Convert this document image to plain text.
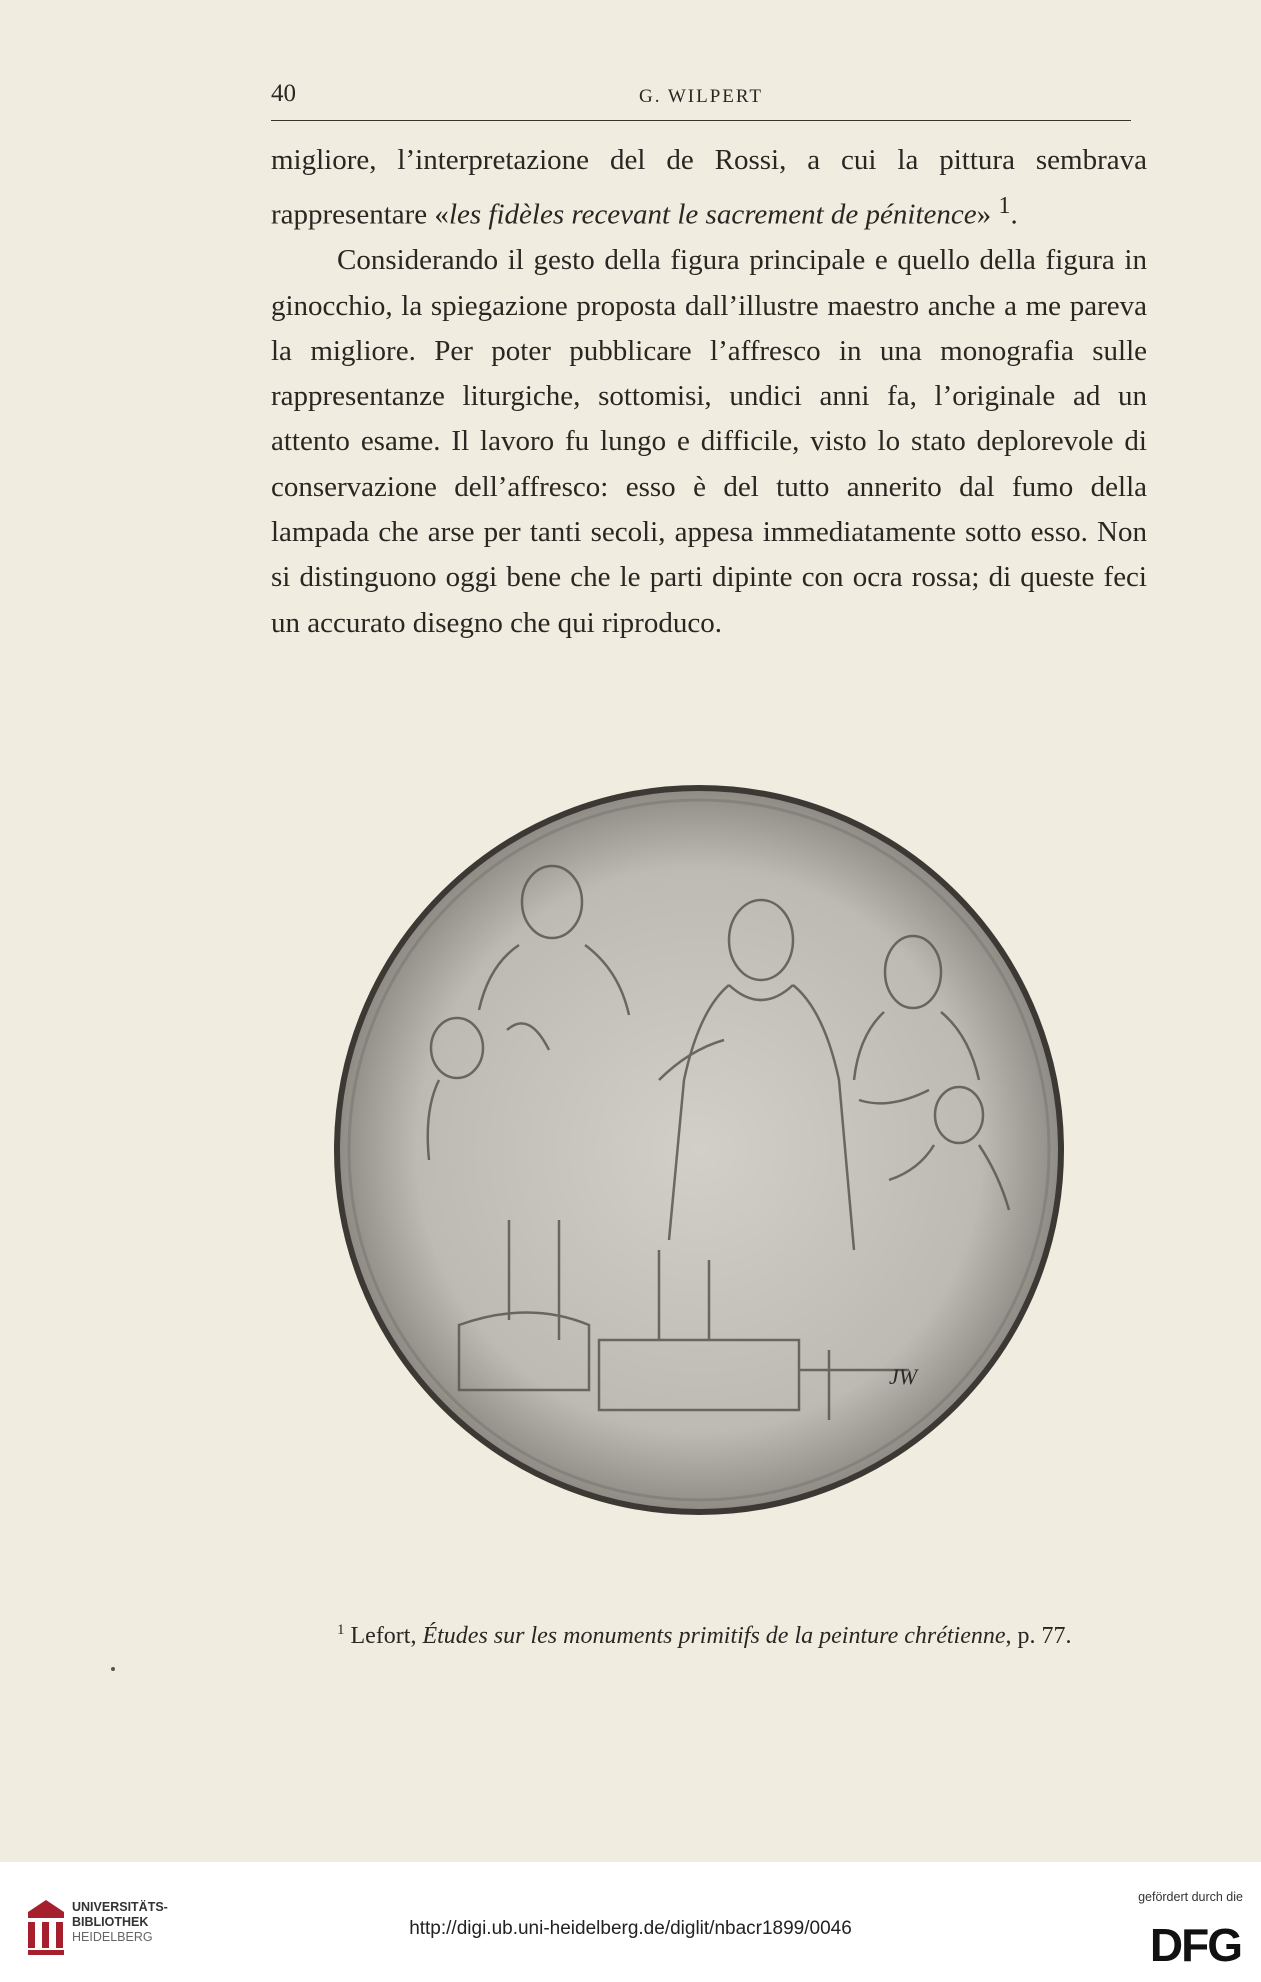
40	G. WILPERT

migliore, l’interpretazione del de Rossi, a cui la pittura sembrava rappresentare «les fidèles recevant le sacrement de pénitence» $^1$.

Considerando il gesto della figura principale e quello della figura in ginocchio, la spiegazione proposta dall’illustre maestro anche a me pareva la migliore. Per poter pubblicare l’affresco in una monografia sulle rappresentanze liturgiche, sottomisi, undici anni fa, l’originale ad un attento esame. Il lavoro fu lungo e difficile, visto lo stato deplorevole di conservazione dell’affresco: esso è del tutto annerito dal fumo della lampada che arse per tanti secoli, appesa immediatamente sotto esso. Non si distinguono oggi bene che le parti dipinte con ocra rossa; di queste feci un accurato disegno che qui riproduco.

JW
$^1$ Lefort, Études sur les monuments primitifs de la peinture chrétienne, p. 77.
UNIVERSITÄTS-
BIBLIOTHEK
HEIDELBERG	http://digi.ub.uni-heidelberg.de/diglit/nbacr1899/0046
gefördert durch die
DFG
